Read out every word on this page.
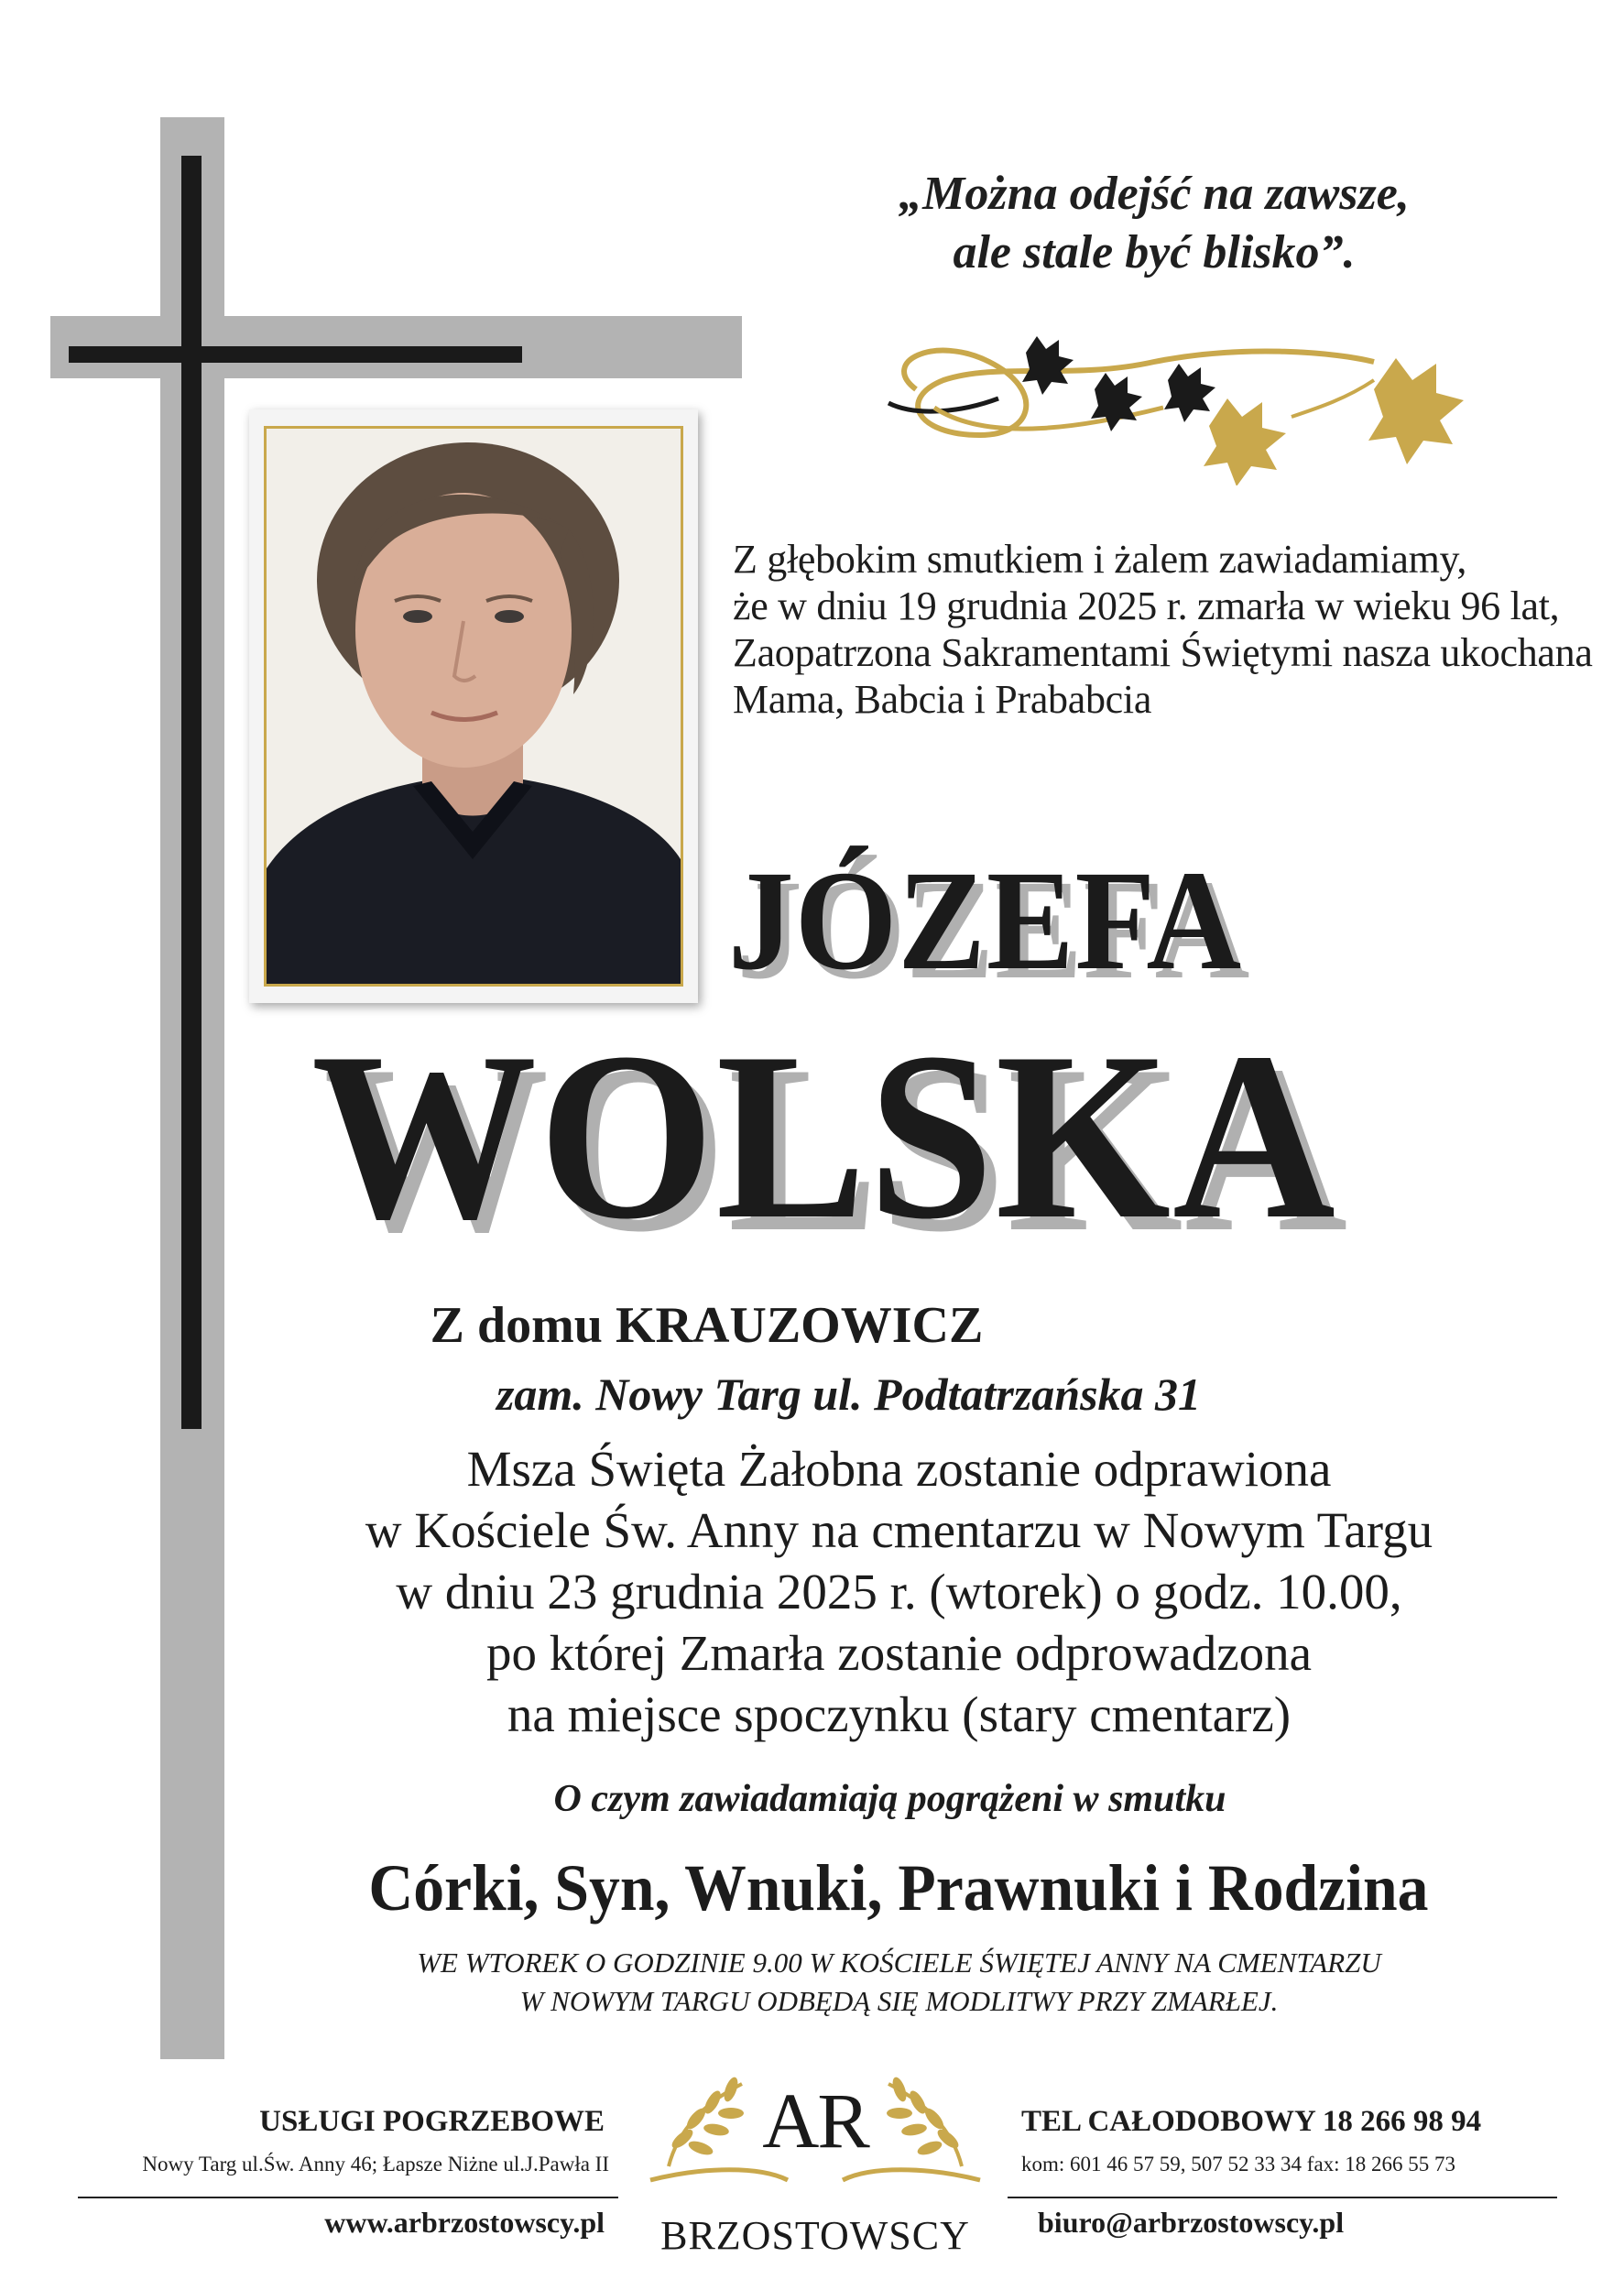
„Można odejść na zawsze,
ale stale być blisko”.
Z głębokim smutkiem i żalem zawiadamiamy,
że w dniu 19 grudnia 2025 r. zmarła w wieku 96 lat,
Zaopatrzona Sakramentami Świętymi nasza ukochana
Mama, Babcia i Prababcia
JÓZEFA
WOLSKA
Z domu KRAUZOWICZ
zam. Nowy Targ ul. Podtatrzańska 31
Msza Święta Żałobna zostanie odprawiona
w Kościele Św. Anny na cmentarzu w Nowym Targu
w dniu 23 grudnia 2025 r. (wtorek) o godz. 10.00,
po której Zmarła zostanie odprowadzona
na miejsce spoczynku (stary cmentarz)
O czym zawiadamiają pogrążeni w smutku
Córki, Syn, Wnuki, Prawnuki i Rodzina
WE WTOREK O GODZINIE 9.00 W KOŚCIELE ŚWIĘTEJ ANNY NA CMENTARZU
W NOWYM TARGU ODBĘDĄ SIĘ MODLITWY PRZY ZMARŁEJ.
USŁUGI POGRZEBOWE
Nowy Targ ul.Św. Anny 46; Łapsze Niżne ul.J.Pawła II
www.arbrzostowscy.pl
AR
BRZOSTOWSCY
TEL CAŁODOBOWY 18 266 98 94
kom: 601 46 57 59, 507 52 33 34 fax: 18 266 55 73
biuro@arbrzostowscy.pl
